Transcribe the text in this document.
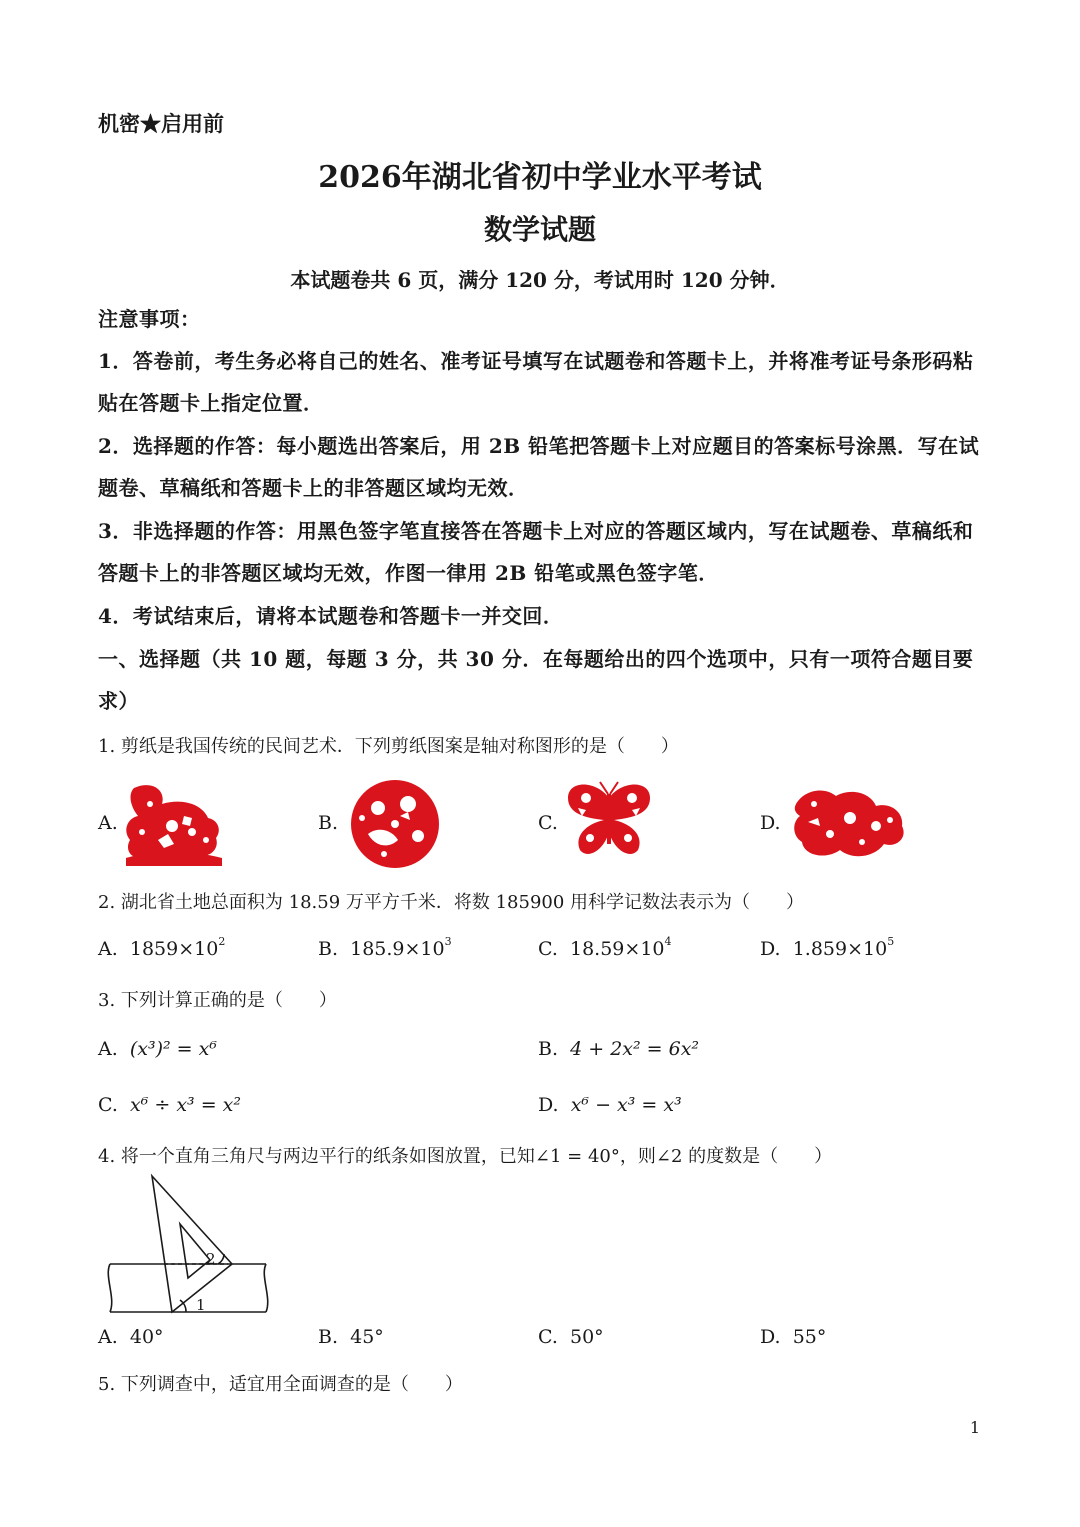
机密★启用前
2026年湖北省初中学业水平考试
数学试题
本试题卷共 6 页，满分 120 分，考试用时 120 分钟．
注意事项：
1．答卷前，考生务必将自己的姓名、准考证号填写在试题卷和答题卡上，并将准考证号条形码粘贴在答题卡上指定位置．
2．选择题的作答：每小题选出答案后，用 2B 铅笔把答题卡上对应题目的答案标号涂黑．写在试题卷、草稿纸和答题卡上的非答题区域均无效．
3．非选择题的作答：用黑色签字笔直接答在答题卡上对应的答题区域内，写在试题卷、草稿纸和答题卡上的非答题区域均无效，作图一律用 2B 铅笔或黑色签字笔．
4．考试结束后，请将本试题卷和答题卡一并交回．
一、选择题（共 10 题，每题 3 分，共 30 分．在每题给出的四个选项中，只有一项符合题目要求）
1. 剪纸是我国传统的民间艺术．下列剪纸图案是轴对称图形的是（　　）
A.	B.	C.	D.
2. 湖北省土地总面积为 18.59 万平方千米．将数 185900 用科学记数法表示为（　　）
A. $1859\times 10^2$	B. $185.9\times 10^3$	C. $18.59\times 10^4$	D. $1.859\times 10^5$
3. 下列计算正确的是（　　）
A. (x³)² = x⁶	B. 4 + 2x² = 6x²
C. x⁶ ÷ x³ = x²	D. x⁶ − x³ = x³
4. 将一个直角三角尺与两边平行的纸条如图放置，已知∠1 = 40°，则∠2 的度数是（　　）
2
1
A. 40°	B. 45°	C. 50°	D. 55°
5. 下列调查中，适宜用全面调查的是（　　）
1
